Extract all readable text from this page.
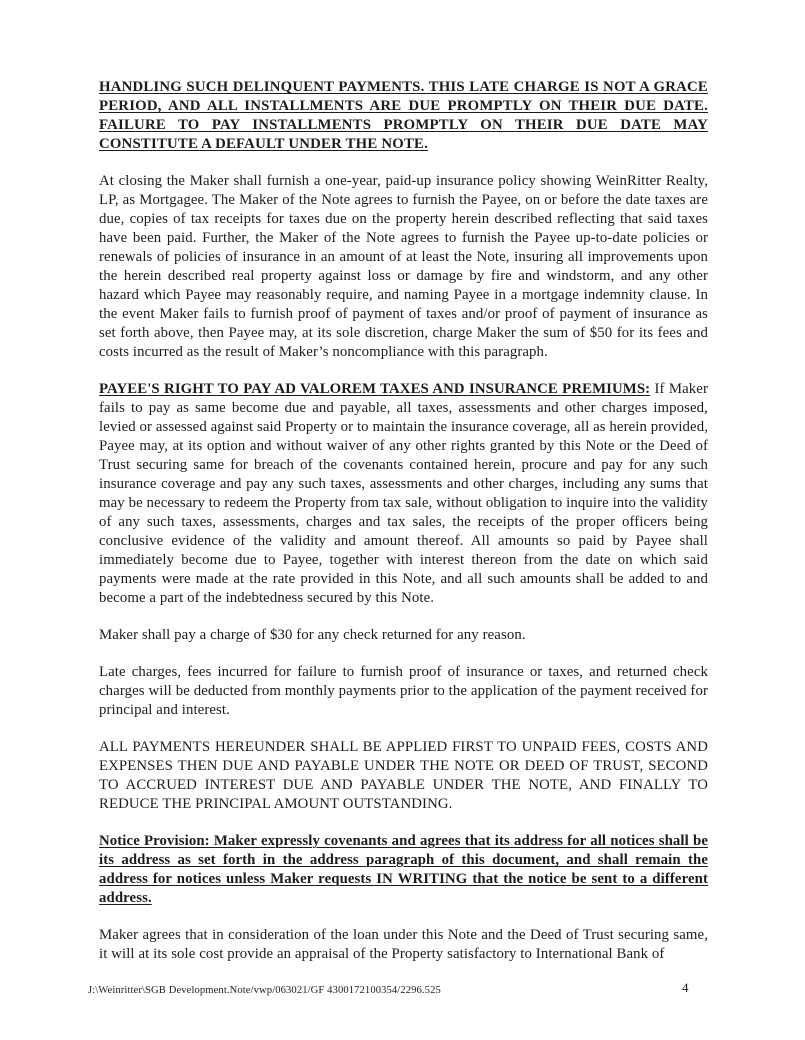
HANDLING SUCH DELINQUENT PAYMENTS. THIS LATE CHARGE IS NOT A GRACE PERIOD, AND ALL INSTALLMENTS ARE DUE PROMPTLY ON THEIR DUE DATE. FAILURE TO PAY INSTALLMENTS PROMPTLY ON THEIR DUE DATE MAY CONSTITUTE A DEFAULT UNDER THE NOTE.

At closing the Maker shall furnish a one-year, paid-up insurance policy showing WeinRitter Realty, LP, as Mortgagee. The Maker of the Note agrees to furnish the Payee, on or before the date taxes are due, copies of tax receipts for taxes due on the property herein described reflecting that said taxes have been paid. Further, the Maker of the Note agrees to furnish the Payee up-to-date policies or renewals of policies of insurance in an amount of at least the Note, insuring all improvements upon the herein described real property against loss or damage by fire and windstorm, and any other hazard which Payee may reasonably require, and naming Payee in a mortgage indemnity clause. In the event Maker fails to furnish proof of payment of taxes and/or proof of payment of insurance as set forth above, then Payee may, at its sole discretion, charge Maker the sum of $50 for its fees and costs incurred as the result of Maker’s noncompliance with this paragraph.

PAYEE'S RIGHT TO PAY AD VALOREM TAXES AND INSURANCE PREMIUMS: If Maker fails to pay as same become due and payable, all taxes, assessments and other charges imposed, levied or assessed against said Property or to maintain the insurance coverage, all as herein provided, Payee may, at its option and without waiver of any other rights granted by this Note or the Deed of Trust securing same for breach of the covenants contained herein, procure and pay for any such insurance coverage and pay any such taxes, assessments and other charges, including any sums that may be necessary to redeem the Property from tax sale, without obligation to inquire into the validity of any such taxes, assessments, charges and tax sales, the receipts of the proper officers being conclusive evidence of the validity and amount thereof. All amounts so paid by Payee shall immediately become due to Payee, together with interest thereon from the date on which said payments were made at the rate provided in this Note, and all such amounts shall be added to and become a part of the indebtedness secured by this Note.

Maker shall pay a charge of $30 for any check returned for any reason.

Late charges, fees incurred for failure to furnish proof of insurance or taxes, and returned check charges will be deducted from monthly payments prior to the application of the payment received for principal and interest.

ALL PAYMENTS HEREUNDER SHALL BE APPLIED FIRST TO UNPAID FEES, COSTS AND EXPENSES THEN DUE AND PAYABLE UNDER THE NOTE OR DEED OF TRUST, SECOND TO ACCRUED INTEREST DUE AND PAYABLE UNDER THE NOTE, AND FINALLY TO REDUCE THE PRINCIPAL AMOUNT OUTSTANDING.

Notice Provision: Maker expressly covenants and agrees that its address for all notices shall be its address as set forth in the address paragraph of this document, and shall remain the address for notices unless Maker requests IN WRITING that the notice be sent to a different address.

Maker agrees that in consideration of the loan under this Note and the Deed of Trust securing same, it will at its sole cost provide an appraisal of the Property satisfactory to International Bank of

J:\Weinritter\SGB Development.Note/vwp/063021/GF 4300172100354/2296.525	4
